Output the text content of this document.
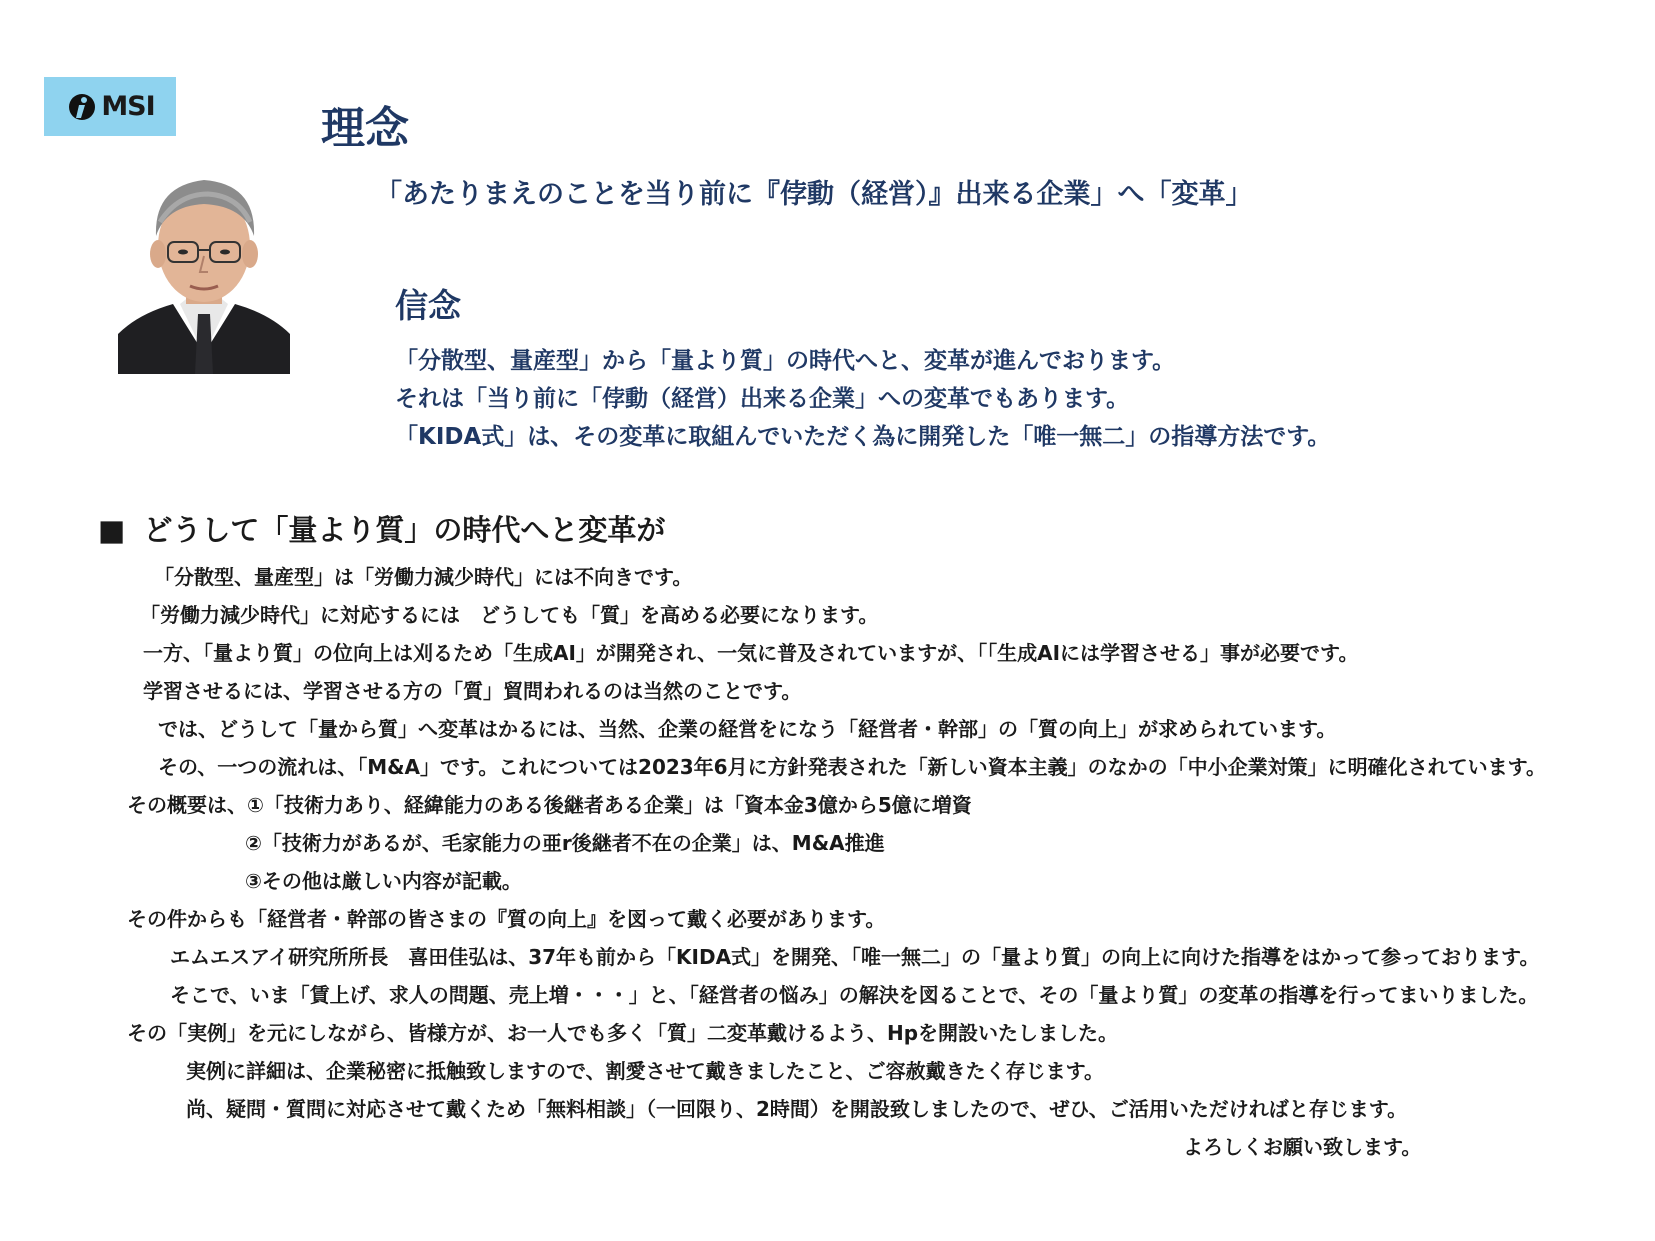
MSI	理念
「あたりまえのことを当り前に『侼動（経営）』出来る企業」へ「変革」
信念
「分散型、量産型」から「量より質」の時代へと、変革が進んでおります。
それは「当り前に「侼動（経営）出来る企業」への変革でもあります。
「KIDA式」は、その変革に取組んでいただく為に開発した「唯一無二」の指導方法です。
■ どうして「量より質」の時代へと変革が
「分散型、量産型」は「労働力減少時代」には不向きです。
「労働力減少時代」に対応するには　どうしても「質」を高める必要になります。
一方、「量より質」の位向上は刈るため「生成AI」が開発され、一気に普及されていますが、「「生成AIには学習させる」事が必要です。
学習させるには、学習させる方の「質」貿問われるのは当然のことです。
では、どうして「量から質」へ変革はかるには、当然、企業の経営をになう「経営者・幹部」の「質の向上」が求められています。
その、一つの流れは、「M&A」です。これについては2023年6月に方針発表された「新しい資本主義」のなかの「中小企業対策」に明確化されています。
その概要は、①「技術力あり、経緯能力のある後継者ある企業」は「資本金3億から5億に増資
②「技術力があるが、毛家能力の亜r後継者不在の企業」は、M&A推進
③その他は厳しい内容が記載。
その件からも「経営者・幹部の皆さまの『質の向上』を図って戴く必要があります。
エムエスアイ研究所所長　喜田佳弘は、37年も前から「KIDA式」を開発、「唯一無二」の「量より質」の向上に向けた指導をはかって参っております。
そこで、いま「賃上げ、求人の問題、売上増・・・」と、「経営者の悩み」の解決を図ることで、その「量より質」の変革の指導を行ってまいりました。
その「実例」を元にしながら、皆様方が、お一人でも多く「質」二変革戴けるよう、Hpを開設いたしました。
実例に詳細は、企業秘密に抵触致しますので、割愛させて戴きましたこと、ご容赦戴きたく存じます。
尚、疑問・質問に対応させて戴くため「無料相談」（一回限り、2時間）を開設致しましたので、ぜひ、ご活用いただければと存じます。
よろしくお願い致します。
